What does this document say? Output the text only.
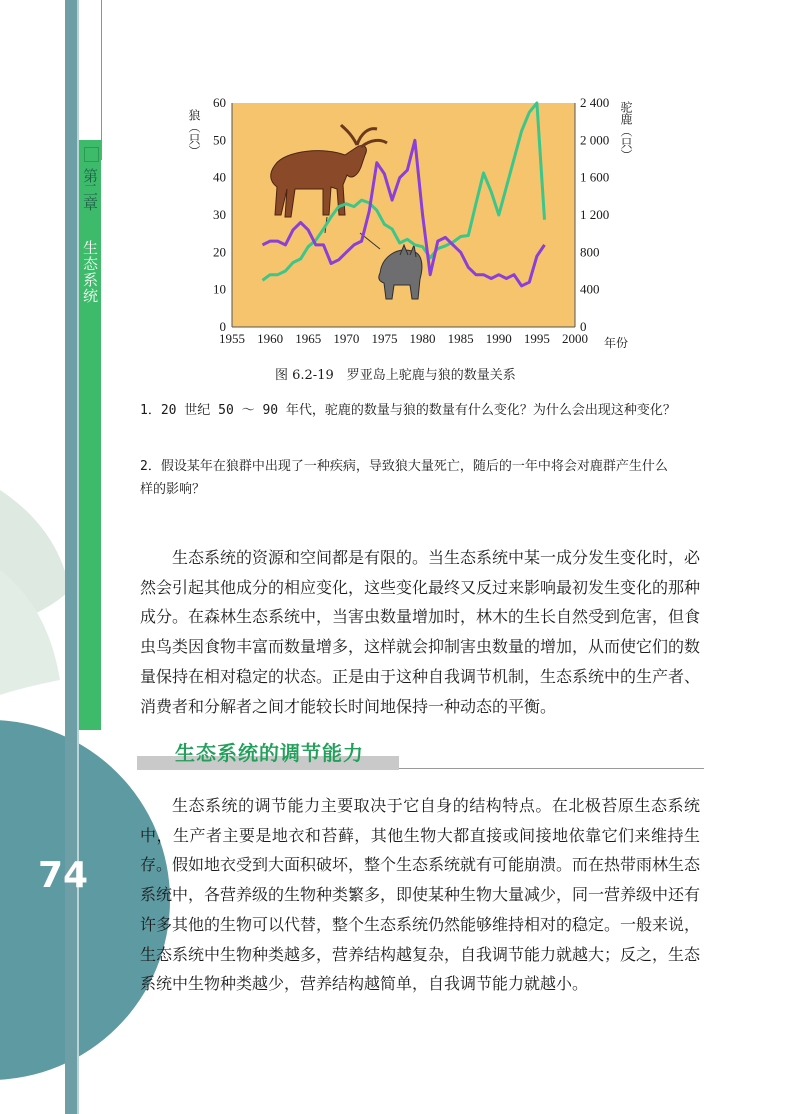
第二章
生态系统
74
1955 1960 1965 1970 1975 1980 1985 1990 1995 2000
0
10
20
30
40
50
60
0
400
800
1 200
1 600
2 000
2 400
狼（只）	驼鹿（只）
年份
图 6.2-19　罗亚岛上驼鹿与狼的数量关系
1．20 世纪 50 ～ 90 年代，驼鹿的数量与狼的数量有什么变化？为什么会出现这种变化？
2．假设某年在狼群中出现了一种疾病，导致狼大量死亡，随后的一年中将会对鹿群产生什么样的影响？
生态系统的资源和空间都是有限的。当生态系统中某一成分发生变化时，必然会引起其他成分的相应变化，这些变化最终又反过来影响最初发生变化的那种成分。在森林生态系统中，当害虫数量增加时，林木的生长自然受到危害，但食虫鸟类因食物丰富而数量增多，这样就会抑制害虫数量的增加，从而使它们的数量保持在相对稳定的状态。正是由于这种自我调节机制，生态系统中的生产者、消费者和分解者之间才能较长时间地保持一种动态的平衡。
生态系统的调节能力
生态系统的调节能力主要取决于它自身的结构特点。在北极苔原生态系统中，生产者主要是地衣和苔藓，其他生物大都直接或间接地依靠它们来维持生存。假如地衣受到大面积破坏，整个生态系统就有可能崩溃。而在热带雨林生态系统中，各营养级的生物种类繁多，即使某种生物大量减少，同一营养级中还有许多其他的生物可以代替，整个生态系统仍然能够维持相对的稳定。一般来说，生态系统中生物种类越多，营养结构越复杂，自我调节能力就越大；反之，生态系统中生物种类越少，营养结构越简单，自我调节能力就越小。
